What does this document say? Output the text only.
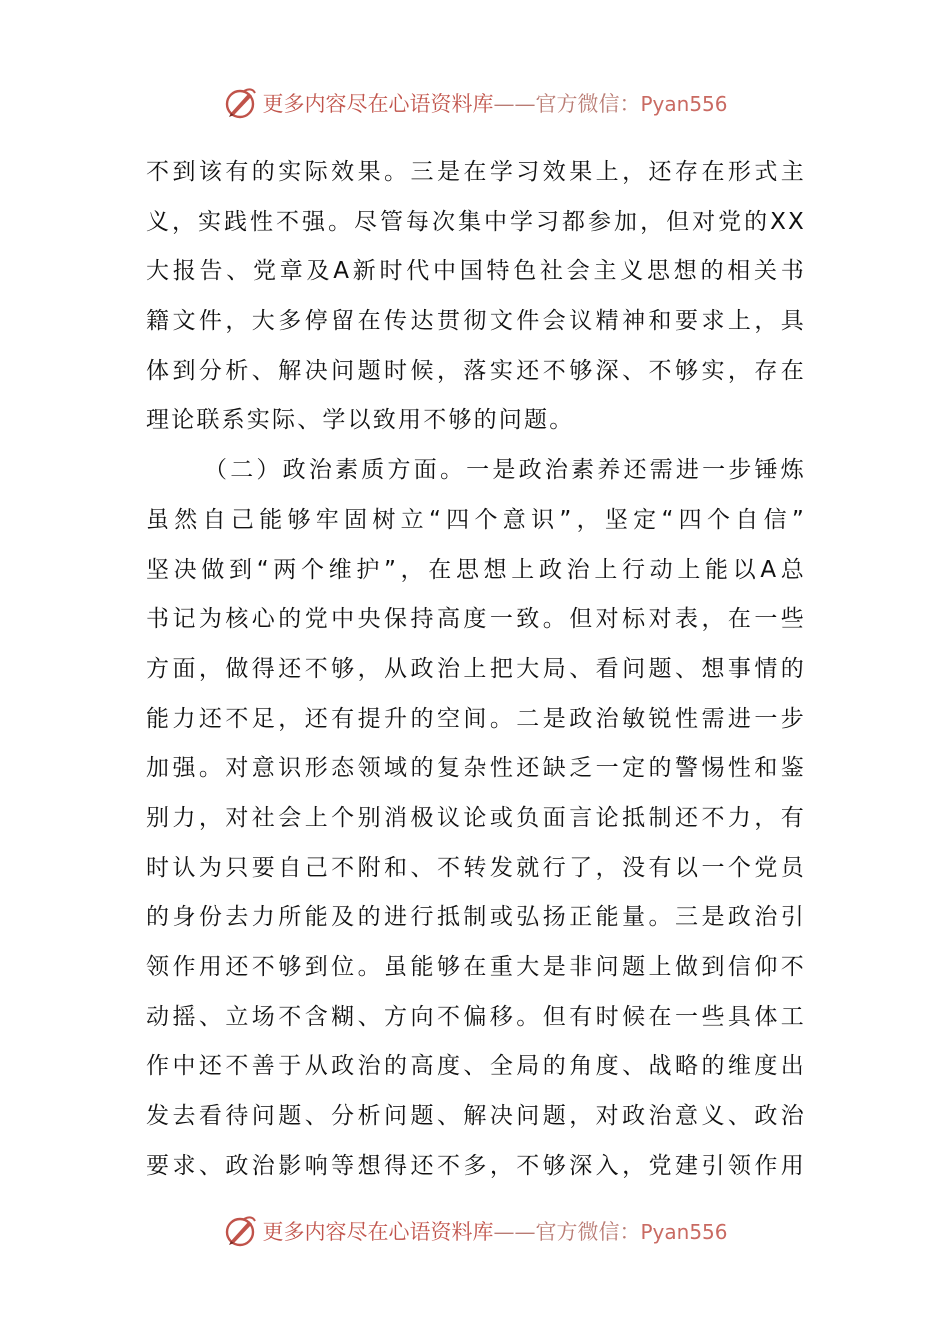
更多内容尽在心语资料库——官方微信：Pyan556
不到该有的实际效果。三是在学习效果上，还存在形式主
义，实践性不强。尽管每次集中学习都参加，但对党的XX
大报告、党章及A新时代中国特色社会主义思想的相关书
籍文件，大多停留在传达贯彻文件会议精神和要求上，具
体到分析、解决问题时候，落实还不够深、不够实，存在
理论联系实际、学以致用不够的问题。
（二）政治素质方面。一是政治素养还需进一步锤炼
虽然自己能够牢固树立“四个意识”，坚定“四个自信”
坚决做到“两个维护”，在思想上政治上行动上能以A总
书记为核心的党中央保持高度一致。但对标对表，在一些
方面，做得还不够，从政治上把大局、看问题、想事情的
能力还不足，还有提升的空间。二是政治敏锐性需进一步
加强。对意识形态领域的复杂性还缺乏一定的警惕性和鉴
别力，对社会上个别消极议论或负面言论抵制还不力，有
时认为只要自己不附和、不转发就行了，没有以一个党员
的身份去力所能及的进行抵制或弘扬正能量。三是政治引
领作用还不够到位。虽能够在重大是非问题上做到信仰不
动摇、立场不含糊、方向不偏移。但有时候在一些具体工
作中还不善于从政治的高度、全局的角度、战略的维度出
发去看待问题、分析问题、解决问题，对政治意义、政治
要求、政治影响等想得还不多，不够深入，党建引领作用
更多内容尽在心语资料库——官方微信：Pyan556
